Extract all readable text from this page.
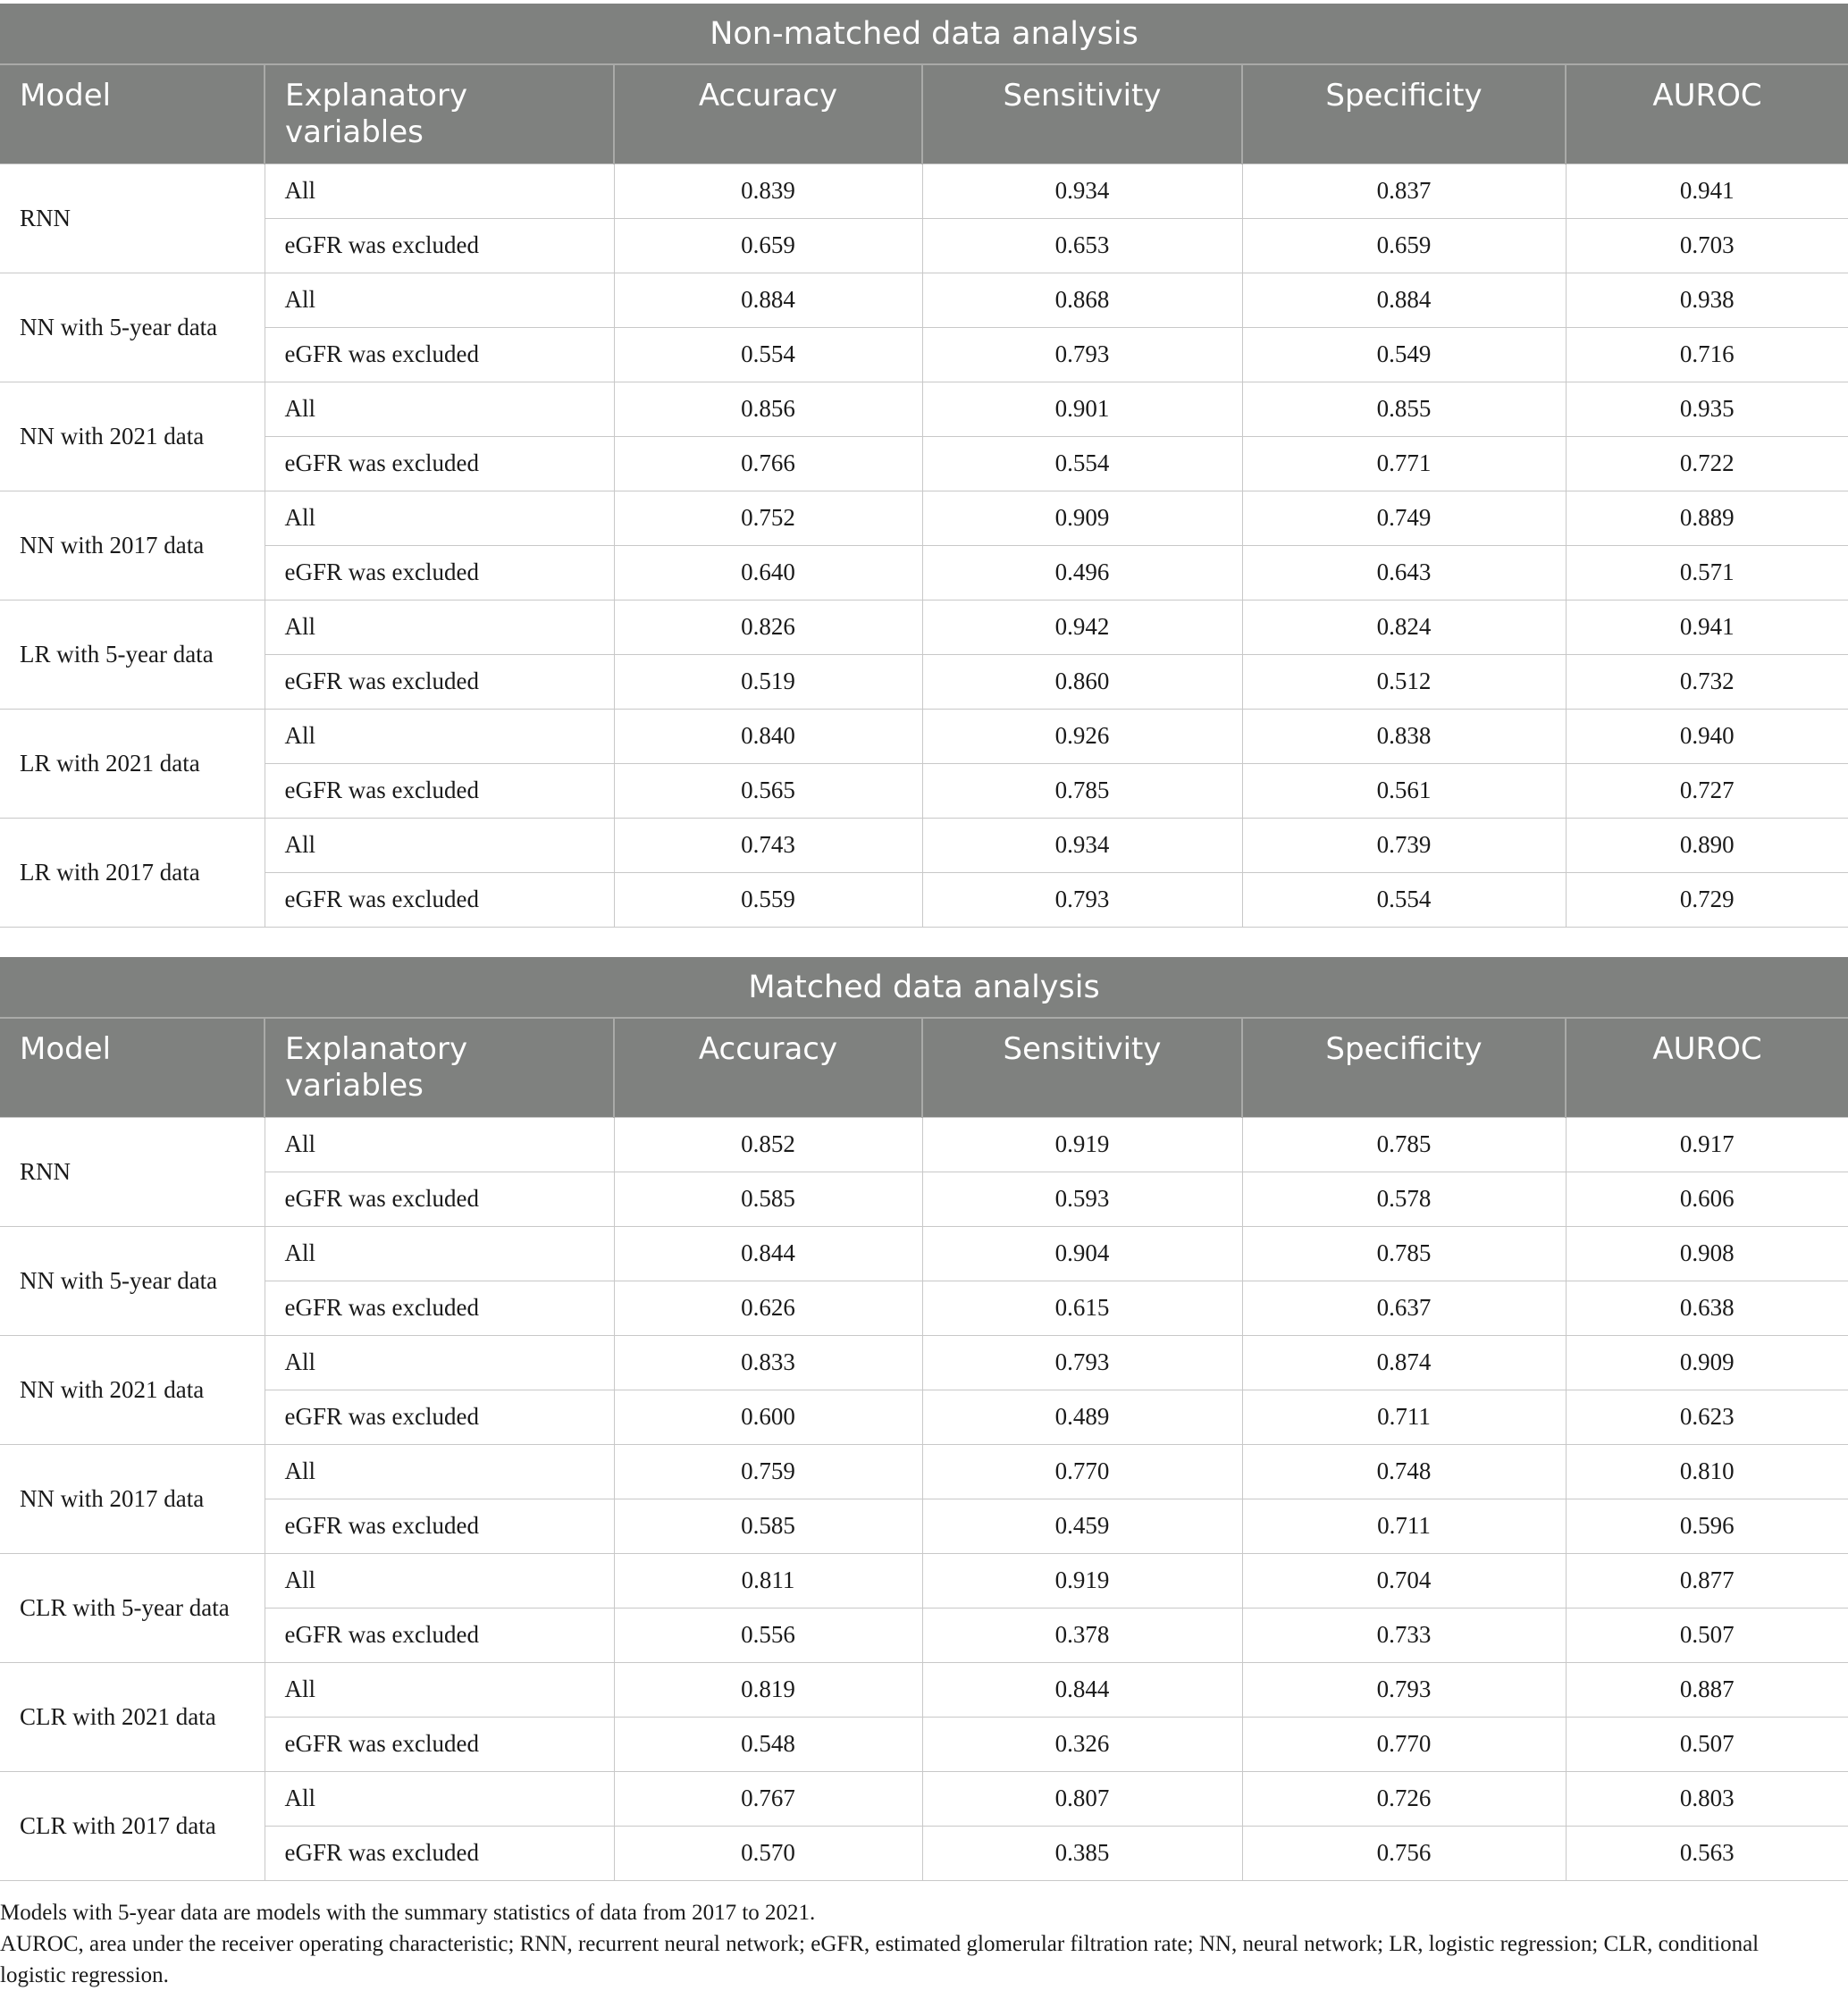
Non-matched data analysis					
Model	Explanatory variables	Accuracy	Sensitivity	Specificity	AUROC
RNN	All	0.839	0.934	0.837	0.941
	eGFR was excluded	0.659	0.653	0.659	0.703
NN with 5-year data	All	0.884	0.868	0.884	0.938
	eGFR was excluded	0.554	0.793	0.549	0.716
NN with 2021 data	All	0.856	0.901	0.855	0.935
	eGFR was excluded	0.766	0.554	0.771	0.722
NN with 2017 data	All	0.752	0.909	0.749	0.889
	eGFR was excluded	0.640	0.496	0.643	0.571
LR with 5-year data	All	0.826	0.942	0.824	0.941
	eGFR was excluded	0.519	0.860	0.512	0.732
LR with 2021 data	All	0.840	0.926	0.838	0.940
	eGFR was excluded	0.565	0.785	0.561	0.727
LR with 2017 data	All	0.743	0.934	0.739	0.890
	eGFR was excluded	0.559	0.793	0.554	0.729
Matched data analysis					
Model	Explanatory variables	Accuracy	Sensitivity	Specificity	AUROC
RNN	All	0.852	0.919	0.785	0.917
	eGFR was excluded	0.585	0.593	0.578	0.606
NN with 5-year data	All	0.844	0.904	0.785	0.908
	eGFR was excluded	0.626	0.615	0.637	0.638
NN with 2021 data	All	0.833	0.793	0.874	0.909
	eGFR was excluded	0.600	0.489	0.711	0.623
NN with 2017 data	All	0.759	0.770	0.748	0.810
	eGFR was excluded	0.585	0.459	0.711	0.596
CLR with 5-year data	All	0.811	0.919	0.704	0.877
	eGFR was excluded	0.556	0.378	0.733	0.507
CLR with 2021 data	All	0.819	0.844	0.793	0.887
	eGFR was excluded	0.548	0.326	0.770	0.507
CLR with 2017 data	All	0.767	0.807	0.726	0.803
	eGFR was excluded	0.570	0.385	0.756	0.563

Models with 5-year data are models with the summary statistics of data from 2017 to 2021.

AUROC, area under the receiver operating characteristic; RNN, recurrent neural network; eGFR, estimated glomerular filtration rate; NN, neural network; LR, logistic regression; CLR, conditional logistic regression.
